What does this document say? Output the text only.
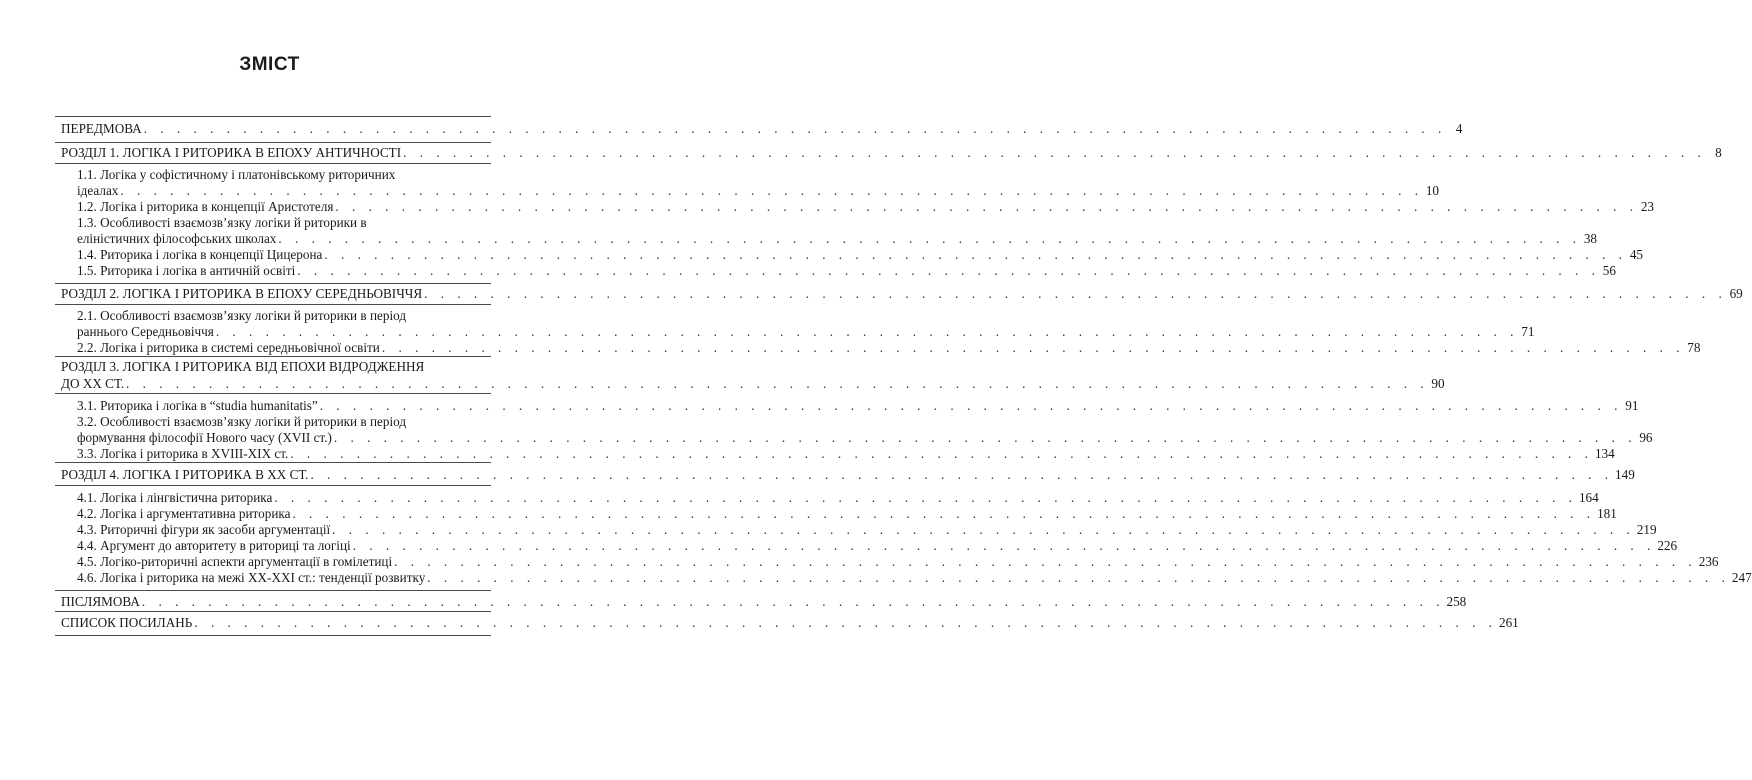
ЗМІСТ
ПЕРЕДМОВА . . . . . . . . . . . . . . . . . . . . . . . . . . . . . . . . . . . . . . . . . . . . . . . . . . . . . . . . . . . . . . . . . . . . . . . . . . . . . . . 4
РОЗДІЛ 1. ЛОГІКА І РИТОРИКА В ЕПОХУ АНТИЧНОСТІ . . . . . . . . . . . . . . . . . . . . . . . . . . . . . . . . . . . . . . . . . . . . . . . . . . . . . . . . . . . . . . . . . . . . . . . . . . . . . . . 8
1.1. Логіка у софістичному і платонівському риторичних
ідеалах . . . . . . . . . . . . . . . . . . . . . . . . . . . . . . . . . . . . . . . . . . . . . . . . . . . . . . . . . . . . . . . . . . . . . . . . . . . . . . . 10
1.2. Логіка і риторика в концепції Аристотеля . . . . . . . . . . . . . . . . . . . . . . . . . . . . . . . . . . . . . . . . . . . . . . . . . . . . . . . . . . . . . . . . . . . . . . . . . . . . . . . 23
1.3. Особливості взаємозв’язку логіки й риторики в
еліністичних філософських школах . . . . . . . . . . . . . . . . . . . . . . . . . . . . . . . . . . . . . . . . . . . . . . . . . . . . . . . . . . . . . . . . . . . . . . . . . . . . . . . 38
1.4. Риторика і логіка в концепції Цицерона . . . . . . . . . . . . . . . . . . . . . . . . . . . . . . . . . . . . . . . . . . . . . . . . . . . . . . . . . . . . . . . . . . . . . . . . . . . . . . . 45
1.5. Риторика і логіка в античній освіті . . . . . . . . . . . . . . . . . . . . . . . . . . . . . . . . . . . . . . . . . . . . . . . . . . . . . . . . . . . . . . . . . . . . . . . . . . . . . . . 56
РОЗДІЛ 2. ЛОГІКА І РИТОРИКА В ЕПОХУ СЕРЕДНЬОВІЧЧЯ . . . . . . . . . . . . . . . . . . . . . . . . . . . . . . . . . . . . . . . . . . . . . . . . . . . . . . . . . . . . . . . . . . . . . . . . . . . . . . . 69
2.1. Особливості взаємозв’язку логіки й риторики в період
раннього Середньовіччя . . . . . . . . . . . . . . . . . . . . . . . . . . . . . . . . . . . . . . . . . . . . . . . . . . . . . . . . . . . . . . . . . . . . . . . . . . . . . . . 71
2.2. Логіка і риторика в системі середньовічної освіти . . . . . . . . . . . . . . . . . . . . . . . . . . . . . . . . . . . . . . . . . . . . . . . . . . . . . . . . . . . . . . . . . . . . . . . . . . . . . . . 78
РОЗДІЛ 3. ЛОГІКА І РИТОРИКА ВІД ЕПОХИ ВІДРОДЖЕННЯ
ДО XX СТ. . . . . . . . . . . . . . . . . . . . . . . . . . . . . . . . . . . . . . . . . . . . . . . . . . . . . . . . . . . . . . . . . . . . . . . . . . . . . . . . 90
3.1. Риторика і логіка в “studia humanitatis” . . . . . . . . . . . . . . . . . . . . . . . . . . . . . . . . . . . . . . . . . . . . . . . . . . . . . . . . . . . . . . . . . . . . . . . . . . . . . . . 91
3.2. Особливості взаємозв’язку логіки й риторики в період
формування філософії Нового часу (XVII ст.) . . . . . . . . . . . . . . . . . . . . . . . . . . . . . . . . . . . . . . . . . . . . . . . . . . . . . . . . . . . . . . . . . . . . . . . . . . . . . . . 96
3.3. Логіка і риторика в XVIII-XIX ст. . . . . . . . . . . . . . . . . . . . . . . . . . . . . . . . . . . . . . . . . . . . . . . . . . . . . . . . . . . . . . . . . . . . . . . . . . . . . . . . 134
РОЗДІЛ 4. ЛОГІКА І РИТОРИКА В XX СТ. . . . . . . . . . . . . . . . . . . . . . . . . . . . . . . . . . . . . . . . . . . . . . . . . . . . . . . . . . . . . . . . . . . . . . . . . . . . . . . . 149
4.1. Логіка і лінгвістична риторика . . . . . . . . . . . . . . . . . . . . . . . . . . . . . . . . . . . . . . . . . . . . . . . . . . . . . . . . . . . . . . . . . . . . . . . . . . . . . . . 164
4.2. Логіка і аргументативна риторика . . . . . . . . . . . . . . . . . . . . . . . . . . . . . . . . . . . . . . . . . . . . . . . . . . . . . . . . . . . . . . . . . . . . . . . . . . . . . . . 181
4.3. Риторичні фігури як засоби аргументації . . . . . . . . . . . . . . . . . . . . . . . . . . . . . . . . . . . . . . . . . . . . . . . . . . . . . . . . . . . . . . . . . . . . . . . . . . . . . . . 219
4.4. Аргумент до авторитету в риториці та логіці . . . . . . . . . . . . . . . . . . . . . . . . . . . . . . . . . . . . . . . . . . . . . . . . . . . . . . . . . . . . . . . . . . . . . . . . . . . . . . . 226
4.5. Логіко-риторичні аспекти аргументації в гомілетиці . . . . . . . . . . . . . . . . . . . . . . . . . . . . . . . . . . . . . . . . . . . . . . . . . . . . . . . . . . . . . . . . . . . . . . . . . . . . . . . 236
4.6. Логіка і риторика на межі XX-XXI ст.: тенденції розвитку . . . . . . . . . . . . . . . . . . . . . . . . . . . . . . . . . . . . . . . . . . . . . . . . . . . . . . . . . . . . . . . . . . . . . . . . . . . . . . . 247
ПІСЛЯМОВА . . . . . . . . . . . . . . . . . . . . . . . . . . . . . . . . . . . . . . . . . . . . . . . . . . . . . . . . . . . . . . . . . . . . . . . . . . . . . . . 258
СПИСОК ПОСИЛАНЬ . . . . . . . . . . . . . . . . . . . . . . . . . . . . . . . . . . . . . . . . . . . . . . . . . . . . . . . . . . . . . . . . . . . . . . . . . . . . . . . 261
